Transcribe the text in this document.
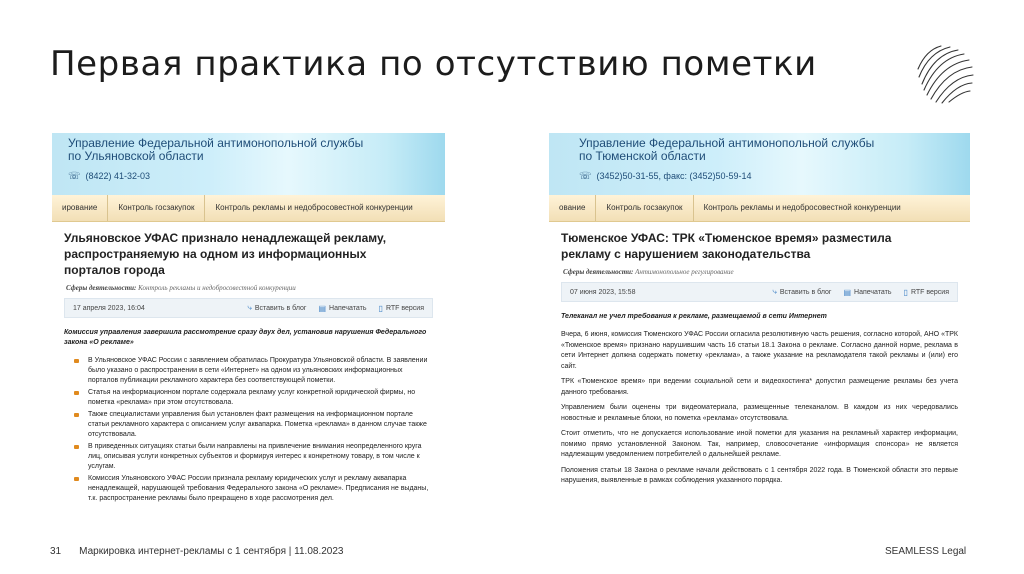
Первая практика по отсутствию пометки
Управление Федеральной антимонопольной службы
по Ульяновской области
☏ (8422) 41-32-03
ирование	Контроль госзакупок	Контроль рекламы и недобросовестной конкуренции
Ульяновское УФАС признало ненадлежащей рекламу,
распространяемую на одном из информационных
порталов города
Сферы деятельности: Контроль рекламы и недобросовестной конкуренции
17 апреля 2023, 16:04	⤷ Вставить в блог ▤ Напечатать ▯ RTF версия
Комиссия управления завершила рассмотрение сразу двух дел, установив нарушения Федерального закона «О рекламе»
В Ульяновское УФАС России с заявлением обратилась Прокуратура Ульяновской области. В заявлении было указано о распространении в сети «Интернет» на одном из ульяновских информационных порталов публикации рекламного характера без соответствующей пометки.
Статья на информационном портале содержала рекламу услуг конкретной юридической фирмы, но пометка «реклама» при этом отсутствовала.
Также специалистами управления был установлен факт размещения на информационном портале статьи рекламного характера с описанием услуг аквапарка. Пометка «реклама» в данном случае также отсутствовала.
В приведенных ситуациях статьи были направлены на привлечение внимания неопределенного круга лиц, описывая услуги конкретных субъектов и формируя интерес к конкретному товару, в том числе к услугам.
Комиссия Ульяновского УФАС России признала рекламу юридических услуг и рекламу аквапарка ненадлежащей, нарушающей требования Федерального закона «О рекламе». Предписания не выданы, т.к. распространение рекламы было прекращено в ходе рассмотрения дел.
Управление Федеральной антимонопольной службы
по Тюменской области
☏ (3452)50-31-55, факс: (3452)50-59-14
ование	Контроль госзакупок	Контроль рекламы и недобросовестной конкуренции
Тюменское УФАС: ТРК «Тюменское время» разместила
рекламу с нарушением законодательства
Сферы деятельности: Антимонопольное регулирование
07 июня 2023, 15:58	⤷ Вставить в блог ▤ Напечатать ▯ RTF версия
Телеканал не учел требования к рекламе, размещаемой в сети Интернет
Вчера, 6 июня, комиссия Тюменского УФАС России огласила резолютивную часть решения, согласно которой, АНО «ТРК «Тюменское время» признано нарушившим часть 16 статьи 18.1 Закона о рекламе. Согласно данной норме, реклама в сети Интернет должна содержать пометку «реклама», а также указание на рекламодателя такой рекламы и (или) его сайт.
ТРК «Тюменское время» при ведении социальной сети и видеохостинга* допустил размещение рекламы без учета данного требования.
Управлением были оценены три видеоматериала, размещенные телеканалом. В каждом из них чередовались новостные и рекламные блоки, но пометка «реклама» отсутствовала.
Стоит отметить, что не допускается использование иной пометки для указания на рекламный характер информации, помимо прямо установленной Законом. Так, например, словосочетание «информация спонсора» не является надлежащим уведомлением потребителей о дальнейшей рекламе.
Положения статьи 18 Закона о рекламе начали действовать с 1 сентября 2022 года. В Тюменской области это первые нарушения, выявленные в рамках соблюдения указанного порядка.
31 Маркировка интернет-рекламы с 1 сентября | 11.08.2023	SEAMLESS Legal
